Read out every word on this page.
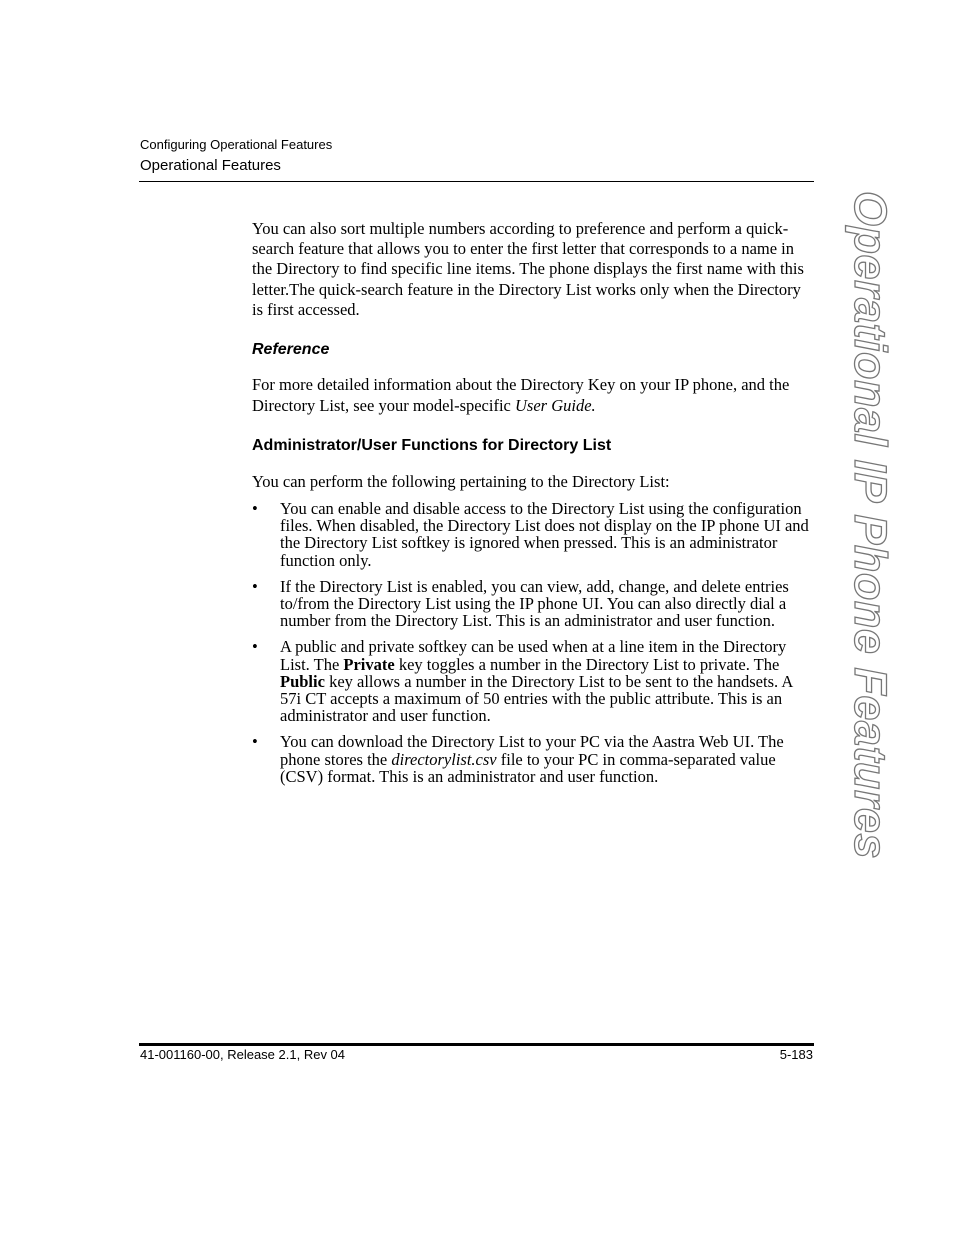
Configuring Operational Features
Operational Features
Operational IP Phone Features

You can also sort multiple numbers according to preference and perform a quick-search feature that allows you to enter the first letter that corresponds to a name in the Directory to find specific line items. The phone displays the first name with this letter.The quick-search feature in the Directory List works only when the Directory is first accessed.

Reference

For more detailed information about the Directory Key on your IP phone, and the Directory List, see your model-specific User Guide.

Administrator/User Functions for Directory List

You can perform the following pertaining to the Directory List:

• You can enable and disable access to the Directory List using the configuration files. When disabled, the Directory List does not display on the IP phone UI and the Directory List softkey is ignored when pressed. This is an administrator function only.
• If the Directory List is enabled, you can view, add, change, and delete entries to/from the Directory List using the IP phone UI. You can also directly dial a number from the Directory List. This is an administrator and user function.
• A public and private softkey can be used when at a line item in the Directory List. The Private key toggles a number in the Directory List to private. The Public key allows a number in the Directory List to be sent to the handsets. A 57i CT accepts a maximum of 50 entries with the public attribute. This is an administrator and user function.
• You can download the Directory List to your PC via the Aastra Web UI. The phone stores the directorylist.csv file to your PC in comma-separated value (CSV) format. This is an administrator and user function.
41-001160-00, Release 2.1, Rev 04	5-183
